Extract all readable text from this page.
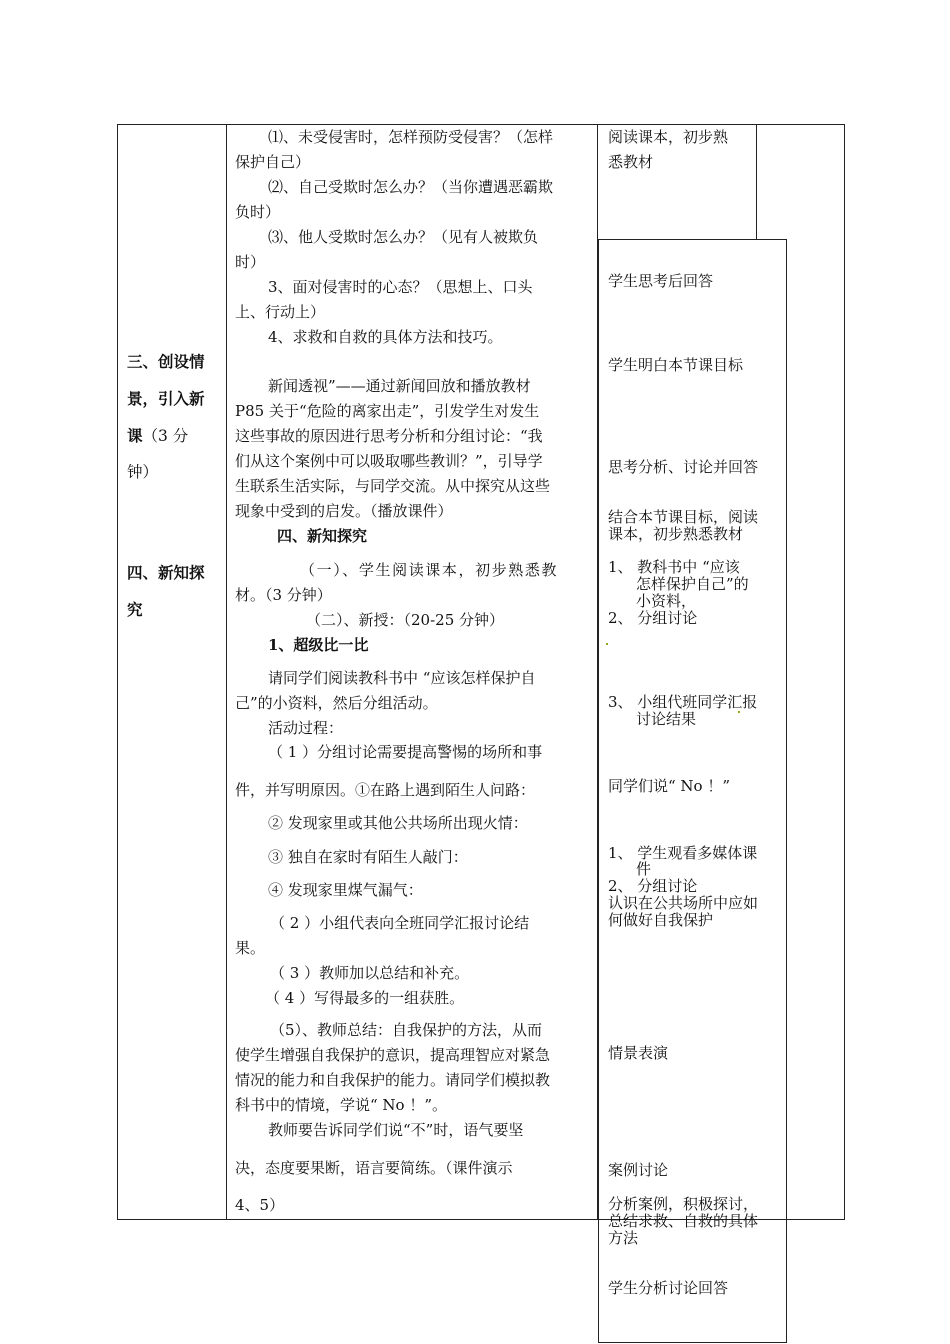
三、创设情
景，引入新
课（3 分
钟）
四、新知探
究
⑴、未受侵害时，怎样预防受侵害？（怎样
保护自己）
⑵、自己受欺时怎么办？（当你遭遇恶霸欺
负时）
⑶、他人受欺时怎么办？（见有人被欺负
时）
3、面对侵害时的心态？（思想上、口头
上、行动上）
4、求救和自救的具体方法和技巧。
新闻透视”——通过新闻回放和播放教材
P85 关于“危险的离家出走”，引发学生对发生
这些事故的原因进行思考分析和分组讨论：“我
们从这个案例中可以吸取哪些教训？”，引导学
生联系生活实际，与同学交流。从中探究从这些
现象中受到的启发。（播放课件）
四、新知探究
（一）、学生阅读课本，初步熟悉教
材。（3 分钟）
（二）、新授：（20-25 分钟）
1、超级比一比
请同学们阅读教科书中 “应该怎样保护自
己”的小资料，然后分组活动。
活动过程：
（ 1 ）分组讨论需要提高警惕的场所和事
件，并写明原因。①在路上遇到陌生人问路：
② 发现家里或其他公共场所出现火情：
③ 独自在家时有陌生人敲门：
④ 发现家里煤气漏气：
（ 2 ）小组代表向全班同学汇报讨论结
果。
（ 3 ）教师加以总结和补充。
（ 4 ）写得最多的一组获胜。
（5）、教师总结：自我保护的方法，从而
使学生增强自我保护的意识，提高理智应对紧急
情况的能力和自我保护的能力。请同学们模拟教
科书中的情境，学说“ No ！”。
教师要告诉同学们说“不”时，语气要坚
决，态度要果断，语言要简练。（课件演示
4、5）
阅读课本，初步熟
悉教材
学生思考后回答
学生明白本节课目标
思考分析、讨论并回答
结合本节课目标，阅读
课本，初步熟悉教材
1、 教科书中 “应该
怎样保护自己”的
小资料，
2、 分组讨论
3、 小组代班同学汇报
讨论结果
同学们说“ No ！”
1、 学生观看多媒体课
件
2、 分组讨论
认识在公共场所中应如
何做好自我保护
情景表演
案例讨论
分析案例，积极探讨，
总结求救、自救的具体
方法
学生分析讨论回答
